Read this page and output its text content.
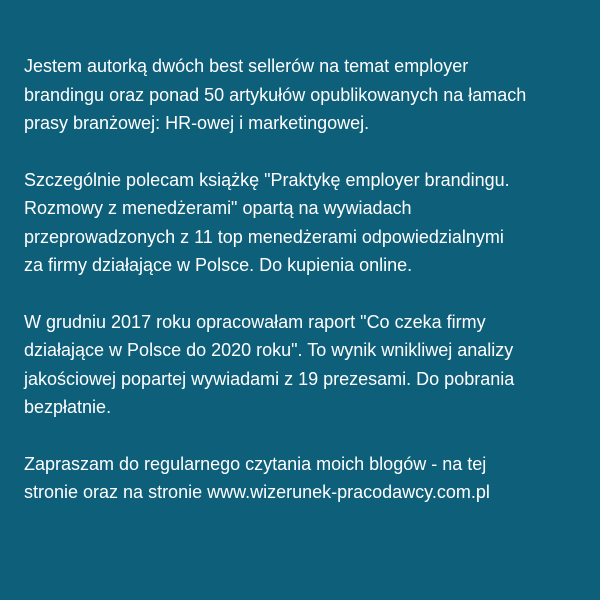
Jestem autorką dwóch best sellerów na temat employer
brandingu oraz ponad 50 artykułów opublikowanych na łamach
prasy branżowej: HR-owej i marketingowej.

Szczególnie polecam książkę "Praktykę employer brandingu.
Rozmowy z menedżerami" opartą na wywiadach
przeprowadzonych z 11 top menedżerami odpowiedzialnymi
za firmy działające w Polsce. Do kupienia online.

W grudniu 2017 roku opracowałam raport "Co czeka firmy
działające w Polsce do 2020 roku". To wynik wnikliwej analizy
jakościowej popartej wywiadami z 19 prezesami. Do pobrania
bezpłatnie.

Zapraszam do regularnego czytania moich blogów - na tej
stronie oraz na stronie www.wizerunek-pracodawcy.com.pl
